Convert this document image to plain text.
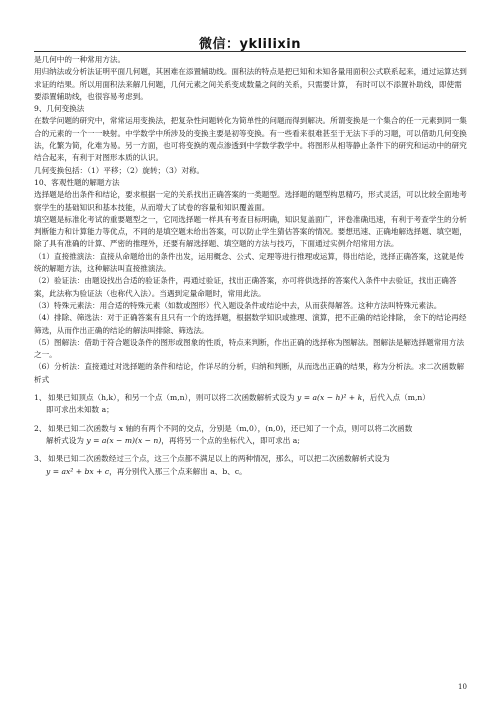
微信：yklilixin

是几何中的一种常用方法。

用归纳法或分析法证明平面几何题，其困难在添置辅助线。面积法的特点是把已知和未知各量用面积公式联系起来，通过运算达到求证的结果。所以用面积法来解几何题，几何元素之间关系变成数量之间的关系，只需要计算， 有时可以不添置补助线，即使需要添置辅助线，也很容易考虑到。

9、几何变换法

在数学问题的研究中，常常运用变换法，把复杂性问题转化为简单性的问题而得到解决。所谓变换是一个集合的任一元素到同一集合的元素的一个一一映射。中学数学中所涉及的变换主要是初等变换。有一些看来很难甚至于无法下手的习题，可以借助几何变换法，化繁为简，化难为易。另一方面，也可将变换的观点渗透到中学数学教学中。将图形从相等静止条件下的研究和运动中的研究结合起来，有利于对图形本质的认识。

几何变换包括：（1）平移；（2）旋转；（3）对称。

10、客观性题的解题方法

选择题是给出条件和结论，要求根据一定的关系找出正确答案的一类题型。选择题的题型构思精巧，形式灵活，可以比较全面地考察学生的基础知识和基本技能，从而增大了试卷的容量和知识覆盖面。

填空题是标准化考试的重要题型之一，它同选择题一样具有考查目标明确，知识复盖面广，评卷准确迅速，有利于考查学生的分析判断能力和计算能力等优点，不同的是填空题未给出答案，可以防止学生猜估答案的情况。要想迅速、正确地解选择题、填空题，除了具有准确的计算、严密的推理外，还要有解选择题、填空题的方法与技巧，下面通过实例介绍常用方法。

（1）直接推演法：直接从命题给出的条件出发，运用概念、公式、定理等进行推理或运算，得出结论，选择正确答案，这就是传统的解题方法，这种解法叫直接推演法。

（2）验证法：由题设找出合适的验证条件，再通过验证，找出正确答案，亦可将供选择的答案代入条件中去验证，找出正确答案，此法称为验证法（也称代入法）。当遇到定量命题时，常用此法。

（3）特殊元素法：用合适的特殊元素（如数或图形）代入题设条件或结论中去，从而获得解答。这种方法叫特殊元素法。

（4）排除、筛选法：对于正确答案有且只有一个的选择题，根据数学知识或推理、演算，把不正确的结论排除， 余下的结论再经筛选，从而作出正确的结论的解法叫排除、筛选法。

（5）图解法：借助于符合题设条件的图形或图象的性质，特点来判断，作出正确的选择称为图解法。图解法是解选择题常用方法之一。

（6）分析法：直接通过对选择题的条件和结论，作详尽的分析，归纳和判断，从而选出正确的结果，称为分析法。求二次函数解析式

1、 如果已知顶点（h,k），和另一个点（m,n），则可以将二次函数解析式设为 y = a(x − h)² + k，后代入点（m,n）

即可求出未知数 a；

2、 如果已知二次函数与 x 轴的有两个不同的交点，分别是（m,0），(n,0)，还已知了一个点，则可以将二次函数

解析式设为 y = a(x − m)(x − n)，再将另一个点的坐标代入，即可求出 a;

3、 如果已知二次函数经过三个点，这三个点都不满足以上的两种情况，那么，可以把二次函数解析式设为

y = ax² + bx + c，再分别代入那三个点来解出 a、b、c。

10
